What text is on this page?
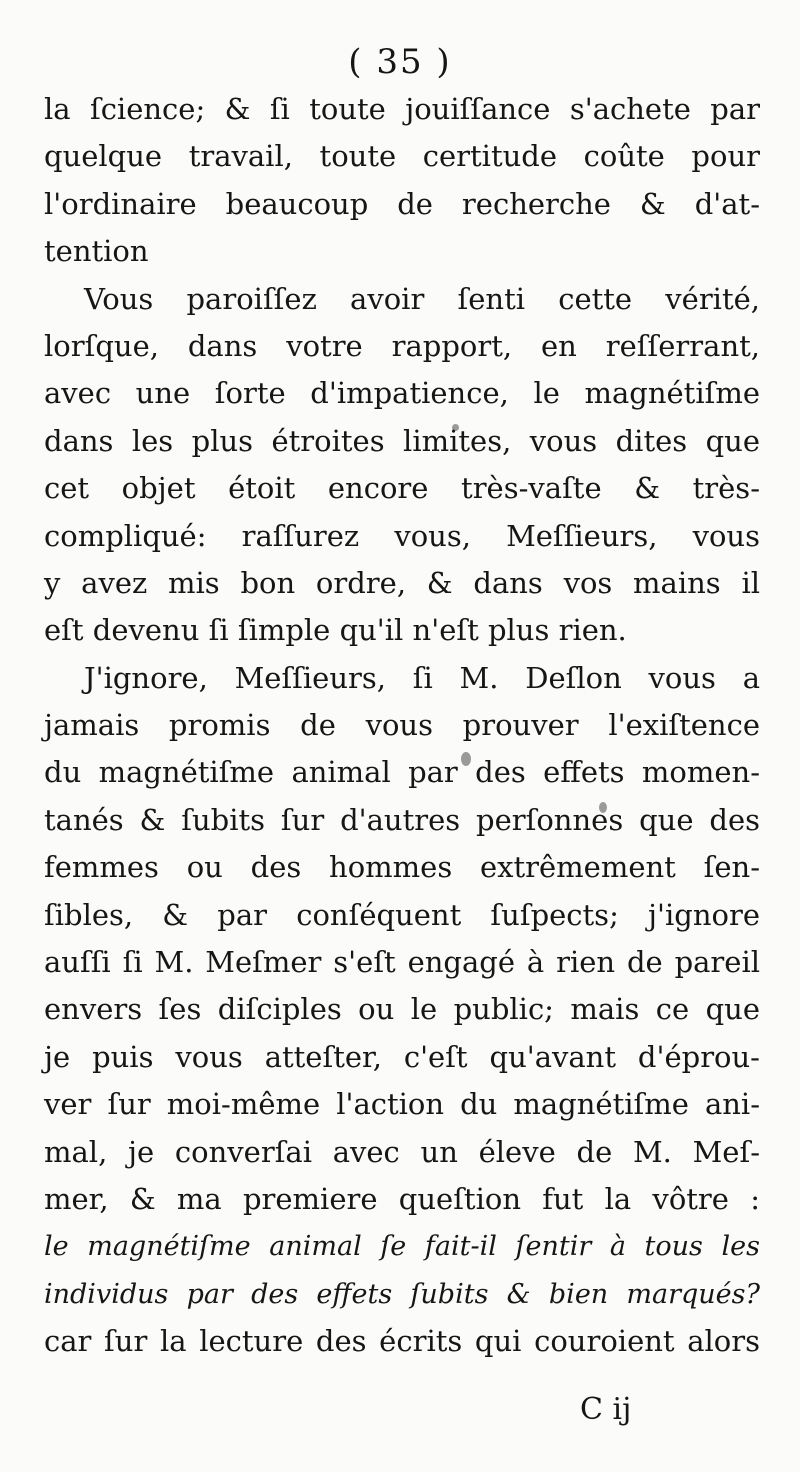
( 35 )
la ſcience; & ſi toute jouiſſance s'achete par
quelque travail, toute certitude coûte pour
l'ordinaire beaucoup de recherche & d'at-
tention
Vous paroiſſez avoir ſenti cette vérité,
lorſque, dans votre rapport, en reſſerrant,
avec une ſorte d'impatience, le magnétiſme
dans les plus étroites limites, vous dites que
cet objet étoit encore très-vaſte & très-
compliqué: raſſurez vous, Meſſieurs, vous
y avez mis bon ordre, & dans vos mains il
eſt devenu ſi ſimple qu'il n'eſt plus rien.
J'ignore, Meſſieurs, ſi M. Deſlon vous a
jamais promis de vous prouver l'exiſtence
du magnétiſme animal par des effets momen-
tanés & ſubits ſur d'autres perſonnes que des
femmes ou des hommes extrêmement ſen-
ſibles, & par conſéquent ſuſpects; j'ignore
auſſi ſi M. Meſmer s'eſt engagé à rien de pareil
envers ſes diſciples ou le public; mais ce que
je puis vous atteſter, c'eſt qu'avant d'éprou-
ver ſur moi-même l'action du magnétiſme ani-
mal, je converſai avec un éleve de M. Meſ-
mer, & ma premiere queſtion fut la vôtre :
le magnétiſme animal ſe fait-il ſentir à tous les
individus par des effets ſubits & bien marqués?
car ſur la lecture des écrits qui couroient alors
C ij
